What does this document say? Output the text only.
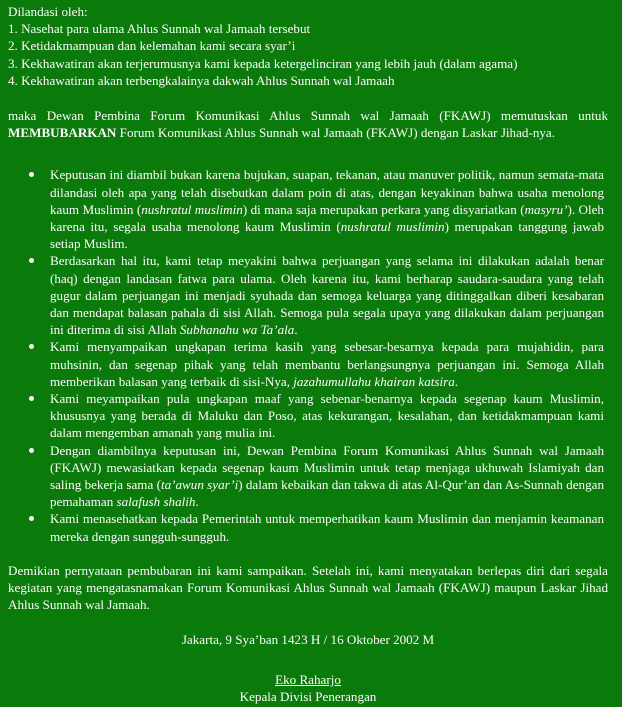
Dilandasi oleh:

1. Nasehat para ulama Ahlus Sunnah wal Jamaah tersebut

2. Ketidakmampuan dan kelemahan kami secara syar’i

3. Kekhawatiran akan terjerumusnya kami kepada ketergelinciran yang lebih jauh (dalam agama)

4. Kekhawatiran akan terbengkalainya dakwah Ahlus Sunnah wal Jamaah

maka Dewan Pembina Forum Komunikasi Ahlus Sunnah wal Jamaah (FKAWJ) memutuskan untuk MEMBUBARKAN Forum Komunikasi Ahlus Sunnah wal Jamaah (FKAWJ) dengan Laskar Jihad-nya.

Keputusan ini diambil bukan karena bujukan, suapan, tekanan, atau manuver politik, namun semata-mata dilandasi oleh apa yang telah disebutkan dalam poin di atas, dengan keyakinan bahwa usaha menolong kaum Muslimin (nushratul muslimin) di mana saja merupakan perkara yang disyariatkan (masyru’). Oleh karena itu, segala usaha menolong kaum Muslimin (nushratul muslimin) merupakan tanggung jawab setiap Muslim.
Berdasarkan hal itu, kami tetap meyakini bahwa perjuangan yang selama ini dilakukan adalah benar (haq) dengan landasan fatwa para ulama. Oleh karena itu, kami berharap saudara-saudara yang telah gugur dalam perjuangan ini menjadi syuhada dan semoga keluarga yang ditinggalkan diberi kesabaran dan mendapat balasan pahala di sisi Allah. Semoga pula segala upaya yang dilakukan dalam perjuangan ini diterima di sisi Allah Subhanahu wa Ta’ala.
Kami menyampaikan ungkapan terima kasih yang sebesar-besarnya kepada para mujahidin, para muhsinin, dan segenap pihak yang telah membantu berlangsungnya perjuangan ini. Semoga Allah memberikan balasan yang terbaik di sisi-Nya, jazahumullahu khairan katsira.
Kami meyampaikan pula ungkapan maaf yang sebenar-benarnya kepada segenap kaum Muslimin, khususnya yang berada di Maluku dan Poso, atas kekurangan, kesalahan, dan ketidakmampuan kami dalam mengemban amanah yang mulia ini.
Dengan diambilnya keputusan ini, Dewan Pembina Forum Komunikasi Ahlus Sunnah wal Jamaah (FKAWJ) mewasiatkan kepada segenap kaum Muslimin untuk tetap menjaga ukhuwah Islamiyah dan saling bekerja sama (ta’awun syar’i) dalam kebaikan dan takwa di atas Al-Qur’an dan As-Sunnah dengan pemahaman salafush shalih.
Kami menasehatkan kepada Pemerintah untuk memperhatikan kaum Muslimin dan menjamin keamanan mereka dengan sungguh-sungguh.

Demikian pernyataan pembubaran ini kami sampaikan. Setelah ini, kami menyatakan berlepas diri dari segala kegiatan yang mengatasnamakan Forum Komunikasi Ahlus Sunnah wal Jamaah (FKAWJ) maupun Laskar Jihad Ahlus Sunnah wal Jamaah.

Jakarta, 9 Sya’ban 1423 H / 16 Oktober 2002 M

Eko Raharjo

Kepala Divisi Penerangan
